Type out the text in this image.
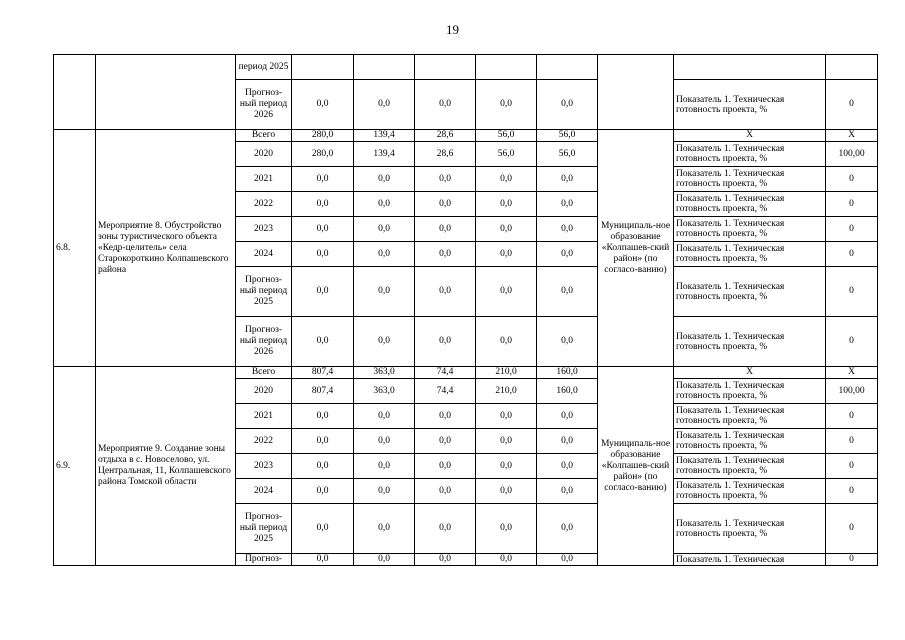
19
		период 2025								
		Прогноз-ный период 2026	0,0	0,0	0,0	0,0	0,0		Показатель 1. Техническая готовность проекта, %	0
6.8.	Мероприятие 8. Обустройство зоны туристического объекта «Кедр-целитель» села Старокороткино Колпашевского района	Всего	280,0	139,4	28,6	56,0	56,0	Муниципаль-ное образование «Колпашев-ский район» (по согласо-ванию)	Х	Х
		2020	280,0	139,4	28,6	56,0	56,0		Показатель 1. Техническая готовность проекта, %	100,00
		2021	0,0	0,0	0,0	0,0	0,0		Показатель 1. Техническая готовность проекта, %	0
		2022	0,0	0,0	0,0	0,0	0,0		Показатель 1. Техническая готовность проекта, %	0
		2023	0,0	0,0	0,0	0,0	0,0		Показатель 1. Техническая готовность проекта, %	0
		2024	0,0	0,0	0,0	0,0	0,0		Показатель 1. Техническая готовность проекта, %	0
		Прогноз-ный период 2025	0,0	0,0	0,0	0,0	0,0		Показатель 1. Техническая готовность проекта, %	0
		Прогноз-ный период 2026	0,0	0,0	0,0	0,0	0,0		Показатель 1. Техническая готовность проекта, %	0
6.9.	Мероприятие 9. Создание зоны отдыха в с. Новоселово, ул. Центральная, 11, Колпашевского района Томской области	Всего	807,4	363,0	74,4	210,0	160,0	Муниципаль-ное образование «Колпашев-ский район» (по согласо-ванию)	Х	Х
		2020	807,4	363,0	74,4	210,0	160,0		Показатель 1. Техническая готовность проекта, %	100,00
		2021	0,0	0,0	0,0	0,0	0,0		Показатель 1. Техническая готовность проекта, %	0
		2022	0,0	0,0	0,0	0,0	0,0		Показатель 1. Техническая готовность проекта, %	0
		2023	0,0	0,0	0,0	0,0	0,0		Показатель 1. Техническая готовность проекта, %	0
		2024	0,0	0,0	0,0	0,0	0,0		Показатель 1. Техническая готовность проекта, %	0
		Прогноз-ный период 2025	0,0	0,0	0,0	0,0	0,0		Показатель 1. Техническая готовность проекта, %	0
		Прогноз-	0,0	0,0	0,0	0,0	0,0		Показатель 1. Техническая	0
